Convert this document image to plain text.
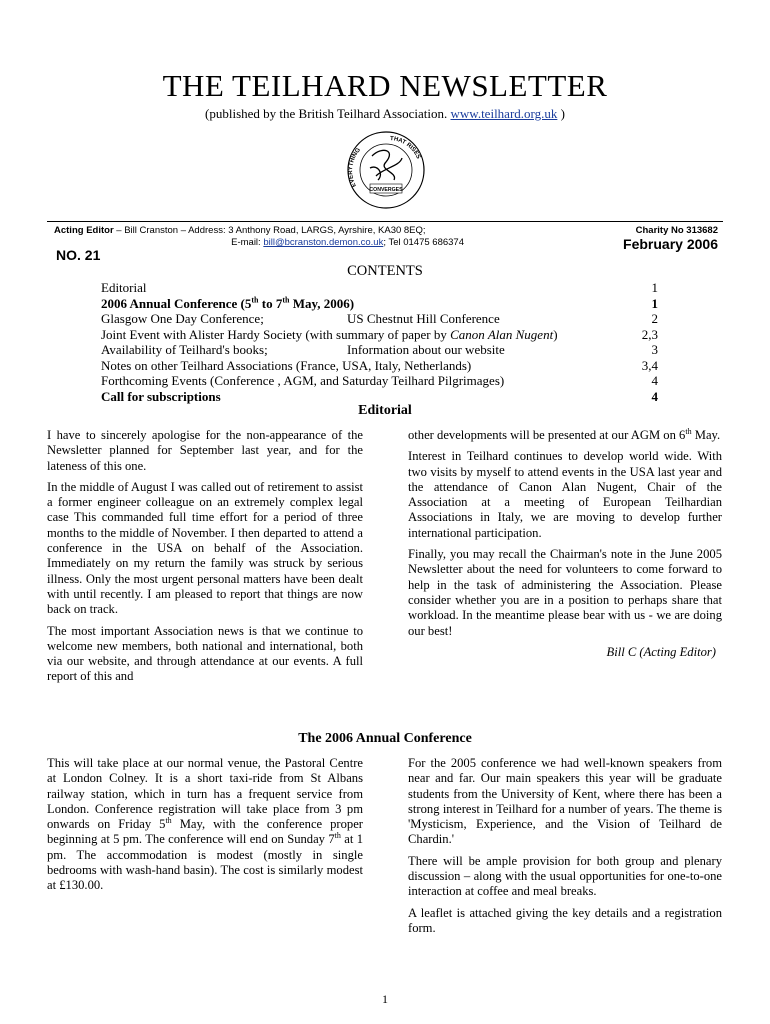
THE TEILHARD NEWSLETTER
(published by the British Teilhard Association. www.teilhard.org.uk )
EVERYTHING
THAT RISES
CONVERGES
Acting Editor – Bill Cranston – Address: 3 Anthony Road, LARGS, Ayrshire, KA30 8EQ;
E-mail: bill@bcranston.demon.co.uk; Tel 01475 686374
Charity No 313682
February 2006
NO. 21
CONTENTS
Editorial	1
2006 Annual Conference (5th to 7th May, 2006)	1
Glasgow One Day Conference;	US Chestnut Hill Conference	2
Joint Event with Alister Hardy Society (with summary of paper by Canon Alan Nugent)	2,3
Availability of Teilhard's books;	Information about our website	3
Notes on other Teilhard Associations (France, USA, Italy, Netherlands)	3,4
Forthcoming Events (Conference , AGM, and Saturday Teilhard Pilgrimages)	4
Call for subscriptions	4
Editorial

I have to sincerely apologise for the non-appearance of the Newsletter planned for September last year, and for the lateness of this one.

In the middle of August I was called out of retirement to assist a former engineer colleague on an extremely complex legal case This commanded full time effort for a period of three months to the middle of November. I then departed to attend a conference in the USA on behalf of the Association. Immediately on my return the family was struck by serious illness. Only the most urgent personal matters have been dealt with until recently. I am pleased to report that things are now back on track.

The most important Association news is that we continue to welcome new members, both national and international, both via our website, and through attendance at our events. A full report of this and

other developments will be presented at our AGM on 6th May.

Interest in Teilhard continues to develop world wide. With two visits by myself to attend events in the USA last year and the attendance of Canon Alan Nugent, Chair of the Association at a meeting of European Teilhardian Associations in Italy, we are moving to develop further international participation.

Finally, you may recall the Chairman's note in the June 2005 Newsletter about the need for volunteers to come forward to help in the task of administering the Association. Please consider whether you are in a position to perhaps share that workload. In the meantime please bear with us - we are doing our best!

Bill C (Acting Editor)
The 2006 Annual Conference

This will take place at our normal venue, the Pastoral Centre at London Colney. It is a short taxi-ride from St Albans railway station, which in turn has a frequent service from London. Conference registration will take place from 3 pm onwards on Friday 5th May, with the conference proper beginning at 5 pm. The conference will end on Sunday 7th at 1 pm. The accommodation is modest (mostly in single bedrooms with wash-hand basin). The cost is similarly modest at £130.00.

For the 2005 conference we had well-known speakers from near and far. Our main speakers this year will be graduate students from the University of Kent, where there has been a strong interest in Teilhard for a number of years. The theme is 'Mysticism, Experience, and the Vision of Teilhard de Chardin.'

There will be ample provision for both group and plenary discussion – along with the usual opportunities for one-to-one interaction at coffee and meal breaks.

A leaflet is attached giving the key details and a registration form.

1
